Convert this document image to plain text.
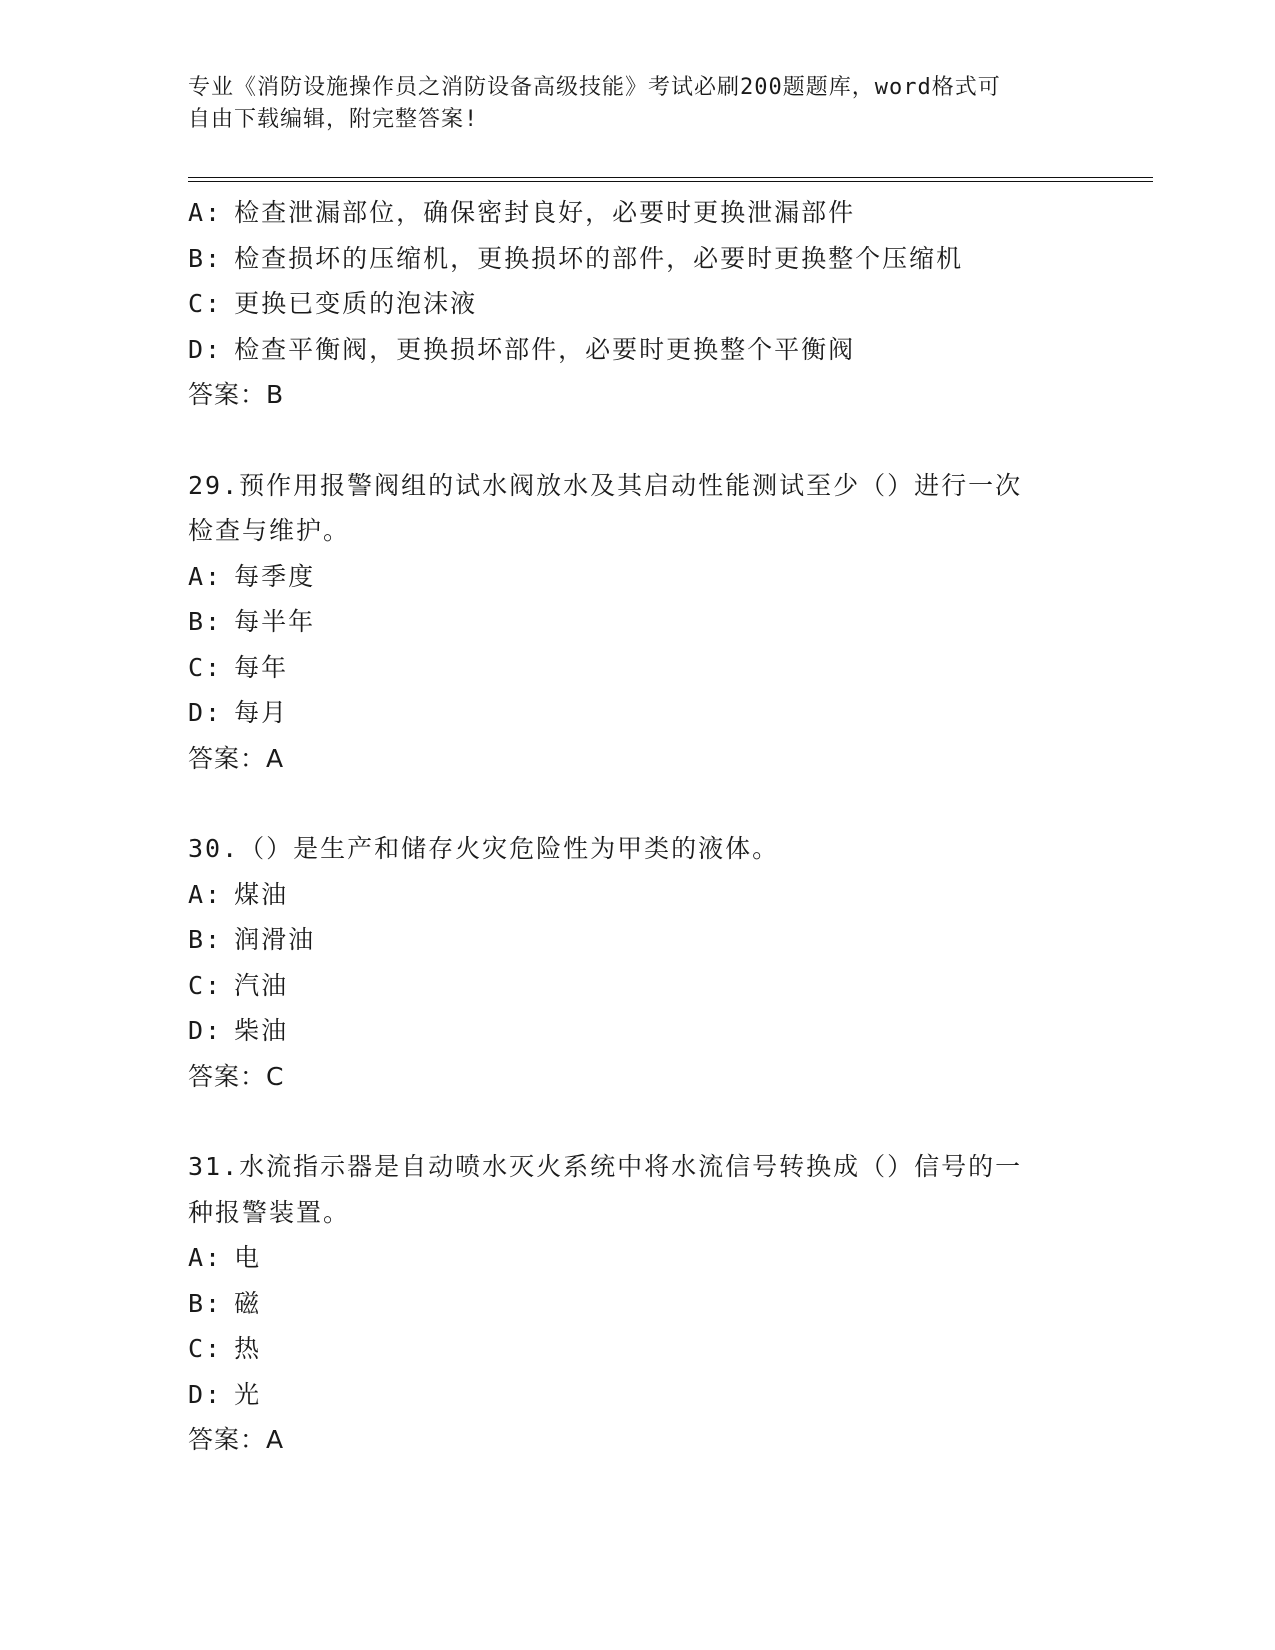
专业《消防设施操作员之消防设备高级技能》考试必刷200题题库，word格式可
自由下载编辑，附完整答案!
A: 检查泄漏部位，确保密封良好，必要时更换泄漏部件
B: 检查损坏的压缩机，更换损坏的部件，必要时更换整个压缩机
C: 更换已变质的泡沫液
D: 检查平衡阀，更换损坏部件，必要时更换整个平衡阀
答案：B
29.预作用报警阀组的试水阀放水及其启动性能测试至少（）进行一次
检查与维护。
A: 每季度
B: 每半年
C: 每年
D: 每月
答案：A
30.（）是生产和储存火灾危险性为甲类的液体。
A: 煤油
B: 润滑油
C: 汽油
D: 柴油
答案：C
31.水流指示器是自动喷水灭火系统中将水流信号转换成（）信号的一
种报警装置。
A: 电
B: 磁
C: 热
D: 光
答案：A
